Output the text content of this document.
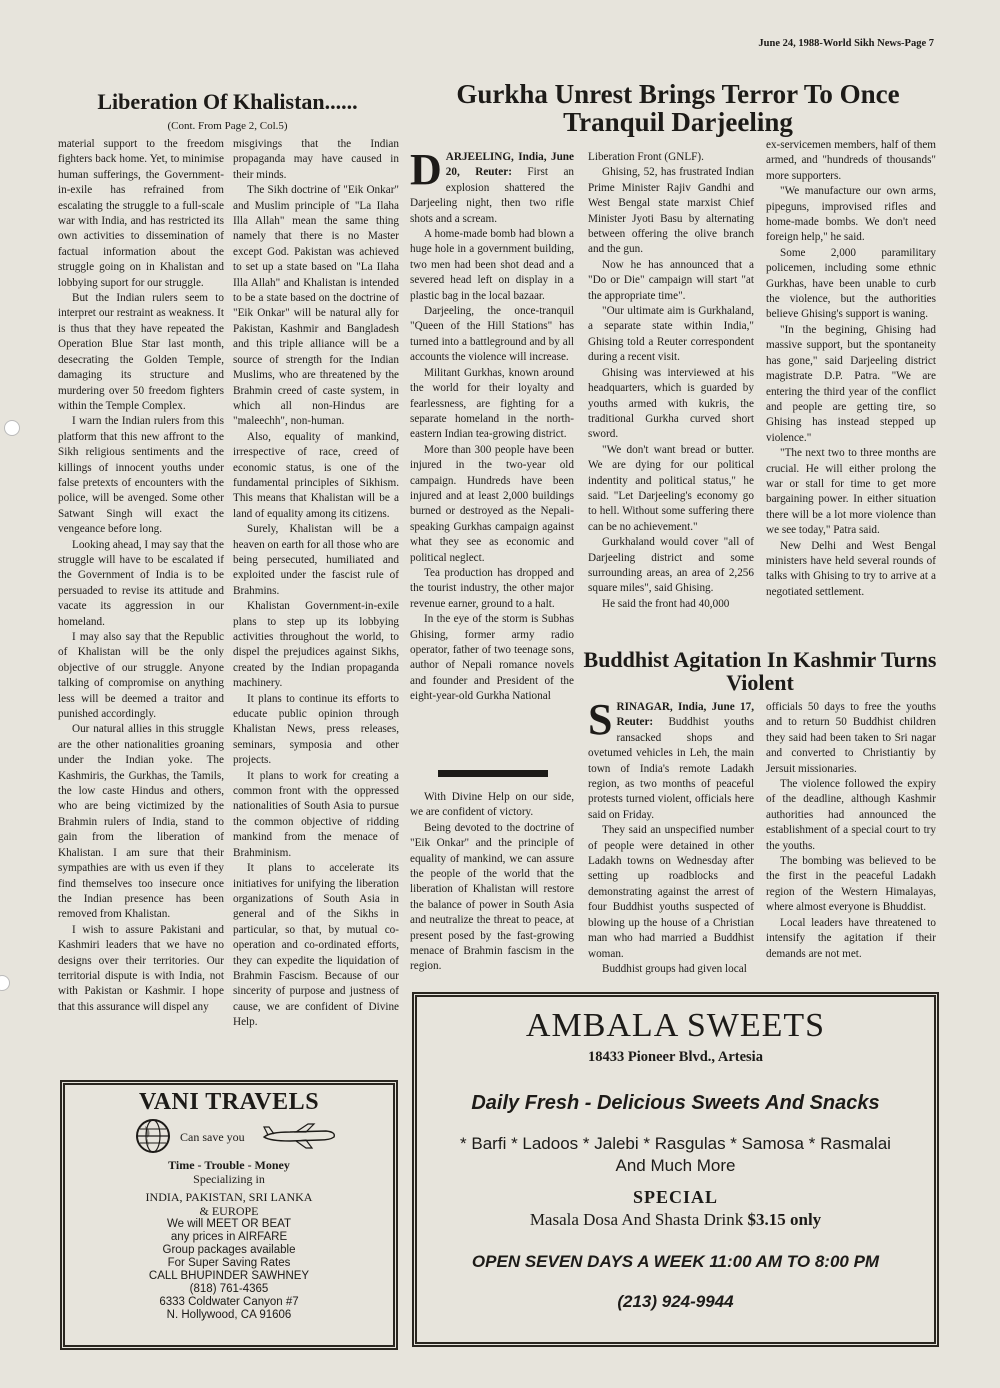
June 24, 1988-World Sikh News-Page 7
Liberation Of Khalistan......
(Cont. From Page 2, Col.5)

material support to the freedom fighters back home. Yet, to minimise human sufferings, the Government-in-exile has refrained from escalating the struggle to a full-scale war with India, and has restricted its own activities to dissemination of factual information about the struggle going on in Khalistan and lobbying suport for our struggle.

But the Indian rulers seem to interpret our restraint as weakness. It is thus that they have repeated the Operation Blue Star last month, desecrating the Golden Temple, damaging its structure and murdering over 50 freedom fighters within the Temple Complex.

I warn the Indian rulers from this platform that this new affront to the Sikh religious sentiments and the killings of innocent youths under false pretexts of encounters with the police, will be avenged. Some other Satwant Singh will exact the vengeance before long.

Looking ahead, I may say that the struggle will have to be escalated if the Government of India is to be persuaded to revise its attitude and vacate its aggression in our homeland.

I may also say that the Republic of Khalistan will be the only objective of our struggle. Anyone talking of compromise on anything less will be deemed a traitor and punished accordingly.

Our natural allies in this struggle are the other nationalities groaning under the Indian yoke. The Kashmiris, the Gurkhas, the Tamils, the low caste Hindus and others, who are being victimized by the Brahmin rulers of India, stand to gain from the liberation of Khalistan. I am sure that their sympathies are with us even if they find themselves too insecure once the Indian presence has been removed from Khalistan.

I wish to assure Pakistani and Kashmiri leaders that we have no designs over their territories. Our territorial dispute is with India, not with Pakistan or Kashmir. I hope that this assurance will dispel any

misgivings that the Indian propaganda may have caused in their minds.

The Sikh doctrine of "Eik Onkar" and Muslim principle of "La Ilaha Illa Allah" mean the same thing namely that there is no Master except God. Pakistan was achieved to set up a state based on "La Ilaha Illa Allah" and Khalistan is intended to be a state based on the doctrine of "Eik Onkar" will be natural ally for Pakistan, Kashmir and Bangladesh and this triple alliance will be a source of strength for the Indian Muslims, who are threatened by the Brahmin creed of caste system, in which all non-Hindus are "maleechh", non-human.

Also, equality of mankind, irrespective of race, creed of economic status, is one of the fundamental principles of Sikhism. This means that Khalistan will be a land of equality among its citizens.

Surely, Khalistan will be a heaven on earth for all those who are being persecuted, humiliated and exploited under the fascist rule of Brahmins.

Khalistan Government-in-exile plans to step up its lobbying activities throughout the world, to dispel the prejudices against Sikhs, created by the Indian propaganda machinery.

It plans to continue its efforts to educate public opinion through Khalistan News, press releases, seminars, symposia and other projects.

It plans to work for creating a common front with the oppressed nationalities of South Asia to pursue the common objective of ridding mankind from the menace of Brahminism.

It plans to accelerate its initiatives for unifying the liberation organizations of South Asia in general and of the Sikhs in particular, so that, by mutual co-operation and co-ordinated efforts, they can expedite the liquidation of Brahmin Fascism. Because of our sincerity of purpose and justness of cause, we are confident of Divine Help.

Gurkha Unrest Brings Terror To Once Tranquil Darjeeling

DARJEELING, India, June 20, Reuter: First an explosion shattered the Darjeeling night, then two rifle shots and a scream.

A home-made bomb had blown a huge hole in a government building, two men had been shot dead and a severed head left on display in a plastic bag in the local bazaar.

Darjeeling, the once-tranquil "Queen of the Hill Stations" has turned into a battleground and by all accounts the violence will increase.

Militant Gurkhas, known around the world for their loyalty and fearlessness, are fighting for a separate homeland in the north-eastern Indian tea-growing district.

More than 300 people have been injured in the two-year old campaign. Hundreds have been injured and at least 2,000 buildings burned or destroyed as the Nepali-speaking Gurkhas campaign against what they see as economic and political neglect.

Tea production has dropped and the tourist industry, the other major revenue earner, ground to a halt.

In the eye of the storm is Subhas Ghising, former army radio operator, father of two teenage sons, author of Nepali romance novels and founder and President of the eight-year-old Gurkha National

With Divine Help on our side, we are confident of victory.

Being devoted to the doctrine of "Eik Onkar" and the principle of equality of mankind, we can assure the people of the world that the liberation of Khalistan will restore the balance of power in South Asia and neutralize the threat to peace, at present posed by the fast-growing menace of Brahmin fascism in the region.

Liberation Front (GNLF).

Ghising, 52, has frustrated Indian Prime Minister Rajiv Gandhi and West Bengal state marxist Chief Minister Jyoti Basu by alternating between offering the olive branch and the gun.

Now he has announced that a "Do or Die" campaign will start "at the appropriate time".

"Our ultimate aim is Gurkhaland, a separate state within India," Ghising told a Reuter correspondent during a recent visit.

Ghising was interviewed at his headquarters, which is guarded by youths armed with kukris, the traditional Gurkha curved short sword.

"We don't want bread or butter. We are dying for our political indentity and political status," he said. "Let Darjeeling's economy go to hell. Without some suffering there can be no achievement."

Gurkhaland would cover "all of Darjeeling district and some surrounding areas, an area of 2,256 square miles", said Ghising.

He said the front had 40,000

ex-servicemen members, half of them armed, and "hundreds of thousands" more supporters.

"We manufacture our own arms, pipeguns, improvised rifles and home-made bombs. We don't need foreign help," he said.

Some 2,000 paramilitary policemen, including some ethnic Gurkhas, have been unable to curb the violence, but the authorities believe Ghising's support is waning.

"In the begining, Ghising had massive support, but the spontaneity has gone," said Darjeeling district magistrate D.P. Patra. "We are entering the third year of the conflict and people are getting tire, so Ghising has instead stepped up violence."

"The next two to three months are crucial. He will either prolong the war or stall for time to get more bargaining power. In either situation there will be a lot more violence than we see today," Patra said.

New Delhi and West Bengal ministers have held several rounds of talks with Ghising to try to arrive at a negotiated settlement.

Buddhist Agitation In Kashmir Turns Violent

SRINAGAR, India, June 17, Reuter: Buddhist youths ransacked shops and ovetumed vehicles in Leh, the main town of India's remote Ladakh region, as two months of peaceful protests turned violent, officials here said on Friday.

They said an unspecified number of people were detained in other Ladakh towns on Wednesday after setting up roadblocks and demonstrating against the arrest of four Buddhist youths suspected of blowing up the house of a Christian man who had married a Buddhist woman.

Buddhist groups had given local

officials 50 days to free the youths and to return 50 Buddhist children they said had been taken to Sri nagar and converted to Christiantiy by Jersuit missionaries.

The violence followed the expiry of the deadline, although Kashmir authorities had announced the establishment of a special court to try the youths.

The bombing was believed to be the first in the peaceful Ladakh region of the Western Himalayas, where almost everyone is Bhuddist.

Local leaders have threatened to intensify the agitation if their demands are not met.

VANI TRAVELS
Can save you
Time - Trouble - Money
Specializing in
INDIA, PAKISTAN, SRI LANKA
& EUROPE
We will MEET OR BEAT
any prices in AIRFARE
Group packages available
For Super Saving Rates
CALL BHUPINDER SAWHNEY
(818) 761-4365
6333 Coldwater Canyon #7
N. Hollywood, CA 91606
AMBALA SWEETS
18433 Pioneer Blvd., Artesia
Daily Fresh - Delicious Sweets And Snacks
* Barfi * Ladoos * Jalebi * Rasgulas * Samosa * Rasmalai
And Much More
SPECIAL
Masala Dosa And Shasta Drink $3.15 only
OPEN SEVEN DAYS A WEEK 11:00 AM TO 8:00 PM
(213) 924-9944
